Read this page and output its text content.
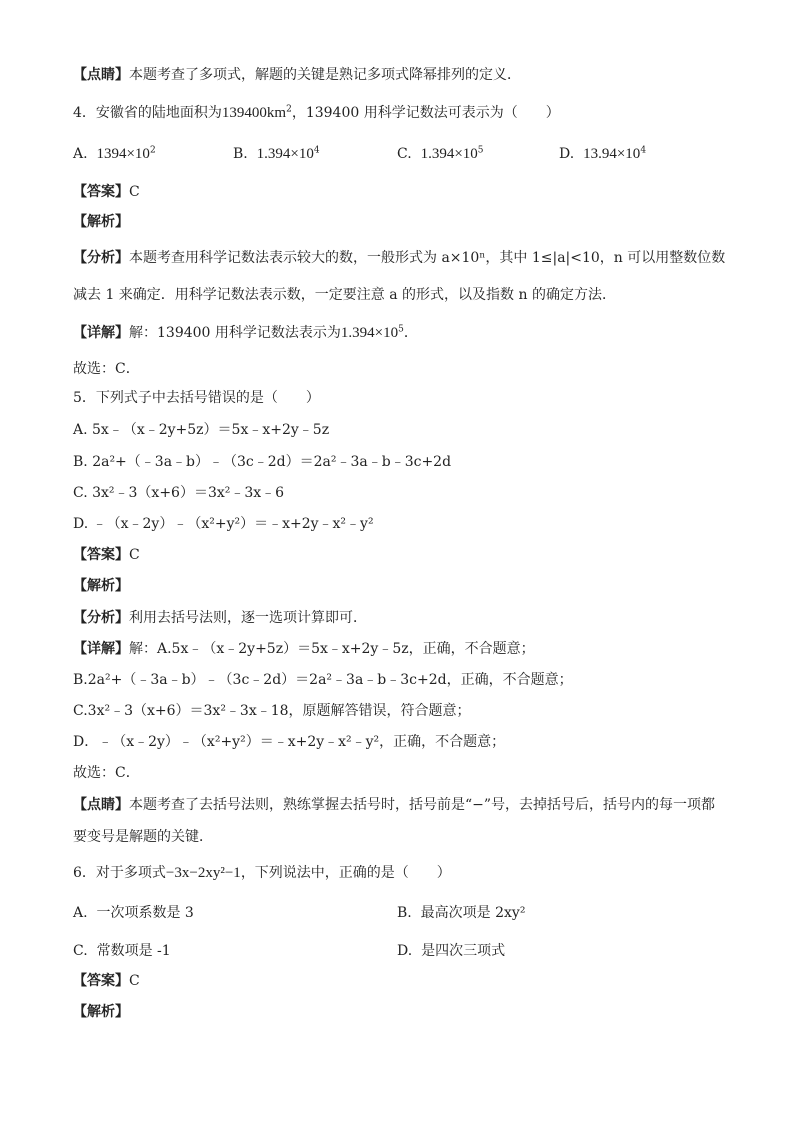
【点睛】本题考查了多项式，解题的关键是熟记多项式降幂排列的定义．
4．安徽省的陆地面积为$139400km^2$，139400 用科学记数法可表示为（　　）
A. $1394\times 10^2$	B. $1.394\times 10^4$	C. $1.394\times 10^5$	D. $13.94\times 10^4$
【答案】C
【解析】
【分析】本题考查用科学记数法表示较大的数，一般形式为 a×10ⁿ，其中 1≤|a|<10，n 可以用整数位数
减去 1 来确定．用科学记数法表示数，一定要注意 a 的形式，以及指数 n 的确定方法．
【详解】解：139400 用科学记数法表示为$1.394\times 10^5$．
故选：C．
5．下列式子中去括号错误的是（　　）
A. 5x﹣（x﹣2y+5z）＝5x﹣x+2y﹣5z
B. 2a²+（﹣3a﹣b）﹣（3c﹣2d）＝2a²﹣3a﹣b﹣3c+2d
C. 3x²﹣3（x+6）＝3x²﹣3x﹣6
D. ﹣（x﹣2y）﹣（x²+y²）＝﹣x+2y﹣x²﹣y²
【答案】C
【解析】
【分析】利用去括号法则，逐一选项计算即可．
【详解】解：A.5x﹣（x﹣2y+5z）＝5x﹣x+2y﹣5z，正确，不合题意；
B.2a²+（﹣3a﹣b）﹣（3c﹣2d）＝2a²﹣3a﹣b﹣3c+2d，正确，不合题意；
C.3x²﹣3（x+6）＝3x²﹣3x﹣18，原题解答错误，符合题意；
D．﹣（x﹣2y）﹣（x²+y²）＝﹣x+2y﹣x²﹣y²，正确，不合题意；
故选：C．
【点睛】本题考查了去括号法则，熟练掌握去括号时，括号前是“−”号，去掉括号后，括号内的每一项都
要变号是解题的关键．
6．对于多项式−3x−2xy²−1，下列说法中，正确的是（　　）
A. 一次项系数是 3	B. 最高次项是 2xy²
C. 常数项是 -1	D. 是四次三项式
【答案】C
【解析】
